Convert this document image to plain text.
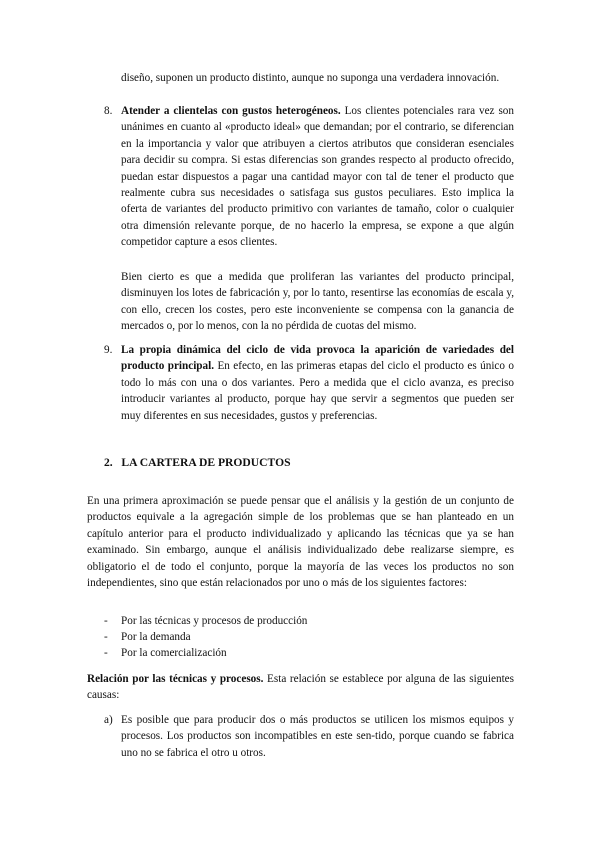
diseño, suponen un producto distinto, aunque no suponga una verdadera innovación.

8. Atender a clientelas con gustos heterogéneos. Los clientes potenciales rara vez son unánimes en cuanto al «producto ideal» que demandan; por el contrario, se diferencian en la importancia y valor que atribuyen a ciertos atributos que consideran esenciales para decidir su compra. Si estas diferencias son grandes respecto al producto ofrecido, puedan estar dispuestos a pagar una cantidad mayor con tal de tener el producto que realmente cubra sus necesidades o satisfaga sus gustos peculiares. Esto implica la oferta de variantes del producto primitivo con variantes de tamaño, color o cualquier otra dimensión relevante porque, de no hacerlo la empresa, se expone a que algún competidor capture a esos clientes.

Bien cierto es que a medida que proliferan las variantes del producto principal, disminuyen los lotes de fabricación y, por lo tanto, resentirse las economías de escala y, con ello, crecen los costes, pero este inconveniente se compensa con la ganancia de mercados o, por lo menos, con la no pérdida de cuotas del mismo.

9. La propia dinámica del ciclo de vida provoca la aparición de variedades del producto principal. En efecto, en las primeras etapas del ciclo el producto es único o todo lo más con una o dos variantes. Pero a medida que el ciclo avanza, es preciso introducir variantes al producto, porque hay que servir a segmentos que pueden ser muy diferentes en sus necesidades, gustos y preferencias.

2. LA CARTERA DE PRODUCTOS

En una primera aproximación se puede pensar que el análisis y la gestión de un conjunto de productos equivale a la agregación simple de los problemas que se han planteado en un capítulo anterior para el producto individualizado y aplicando las técnicas que ya se han examinado. Sin embargo, aunque el análisis individualizado debe realizarse siempre, es obligatorio el de todo el conjunto, porque la mayoría de las veces los productos no son independientes, sino que están relacionados por uno o más de los siguientes factores:

- Por las técnicas y procesos de producción
- Por la demanda
- Por la comercialización

Relación por las técnicas y procesos. Esta relación se establece por alguna de las siguientes causas:

a) Es posible que para producir dos o más productos se utilicen los mismos equipos y procesos. Los productos son incompatibles en este sen-tido, porque cuando se fabrica uno no se fabrica el otro u otros.
